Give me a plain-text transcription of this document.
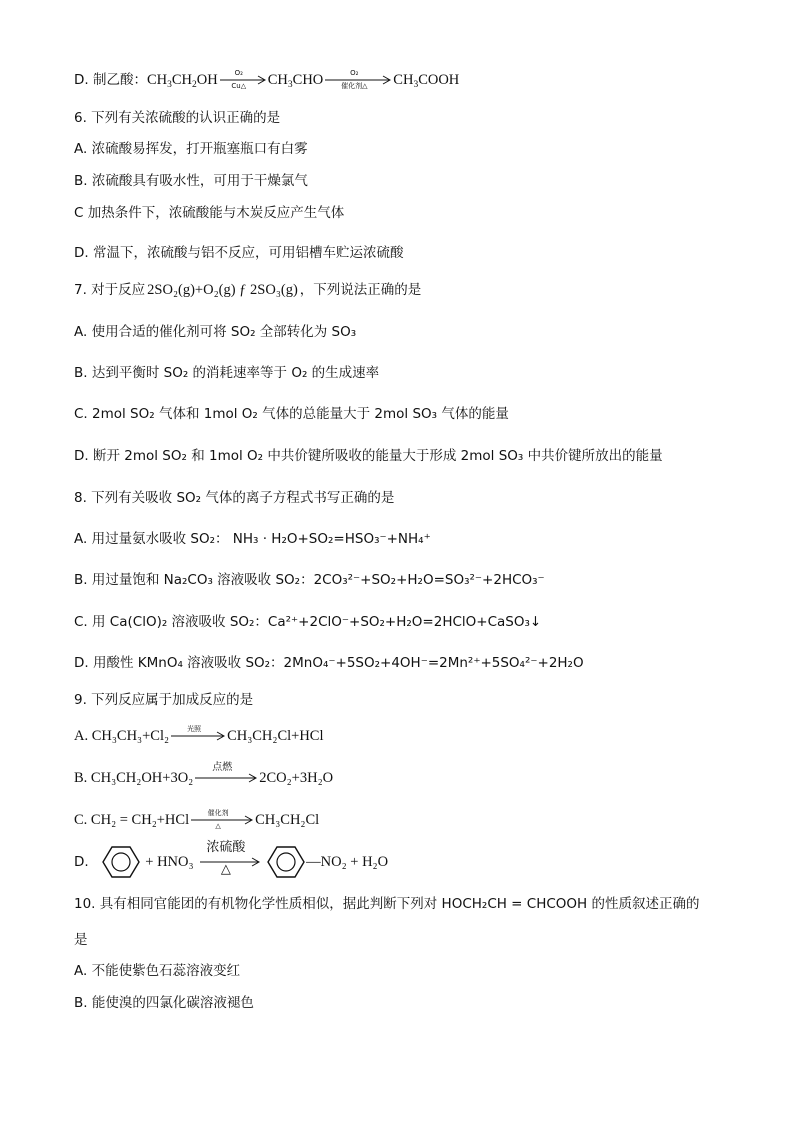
D. 制乙酸：$CH_3CH_2OH$	O₂
Cu△	$CH_3CHO$	O₂
催化剂△	$CH_3COOH$
6. 下列有关浓硫酸的认识正确的是
A. 浓硫酸易挥发，打开瓶塞瓶口有白雾
B. 浓硫酸具有吸水性，可用于干燥氯气
C 加热条件下，浓硫酸能与木炭反应产生气体
D. 常温下，浓硫酸与铝不反应，可用铝槽车贮运浓硫酸
7. 对于反应 2SO₂(g)+O₂(g) ƒ 2SO₃(g) ，下列说法正确的是
A. 使用合适的催化剂可将 SO₂ 全部转化为 SO₃
B. 达到平衡时 SO₂ 的消耗速率等于 O₂ 的生成速率
C. 2mol SO₂ 气体和 1mol O₂ 气体的总能量大于 2mol SO₃ 气体的能量
D. 断开 2mol SO₂ 和 1mol O₂ 中共价键所吸收的能量大于形成 2mol SO₃ 中共价键所放出的能量
8. 下列有关吸收 SO₂ 气体的离子方程式书写正确的是
A. 用过量氨水吸收 SO₂： NH₃ · H₂O+SO₂=HSO₃⁻+NH₄⁺
B. 用过量饱和 Na₂CO₃ 溶液吸收 SO₂：2CO₃²⁻+SO₂+H₂O=SO₃²⁻+2HCO₃⁻
C. 用 Ca(ClO)₂ 溶液吸收 SO₂：Ca²⁺+2ClO⁻+SO₂+H₂O=2HClO+CaSO₃↓
D. 用酸性 KMnO₄ 溶液吸收 SO₂：2MnO₄⁻+5SO₂+4OH⁻=2Mn²⁺+5SO₄²⁻+2H₂O
9. 下列反应属于加成反应的是
A. CH₃CH₃+Cl₂	光照	CH₃CH₂Cl+HCl
B. CH₃CH₂OH+3O₂
点燃
2CO₂+3H₂O
C. CH₂ = CH₂+HCl	催化剂
△	CH₃CH₂Cl
D.	+ HNO₃
浓硫酸
△	—NO₂ + H₂O
10. 具有相同官能团的有机物化学性质相似，据此判断下列对 HOCH₂CH = CHCOOH 的性质叙述正确的
是
A. 不能使紫色石蕊溶液变红
B. 能使溴的四氯化碳溶液褪色
